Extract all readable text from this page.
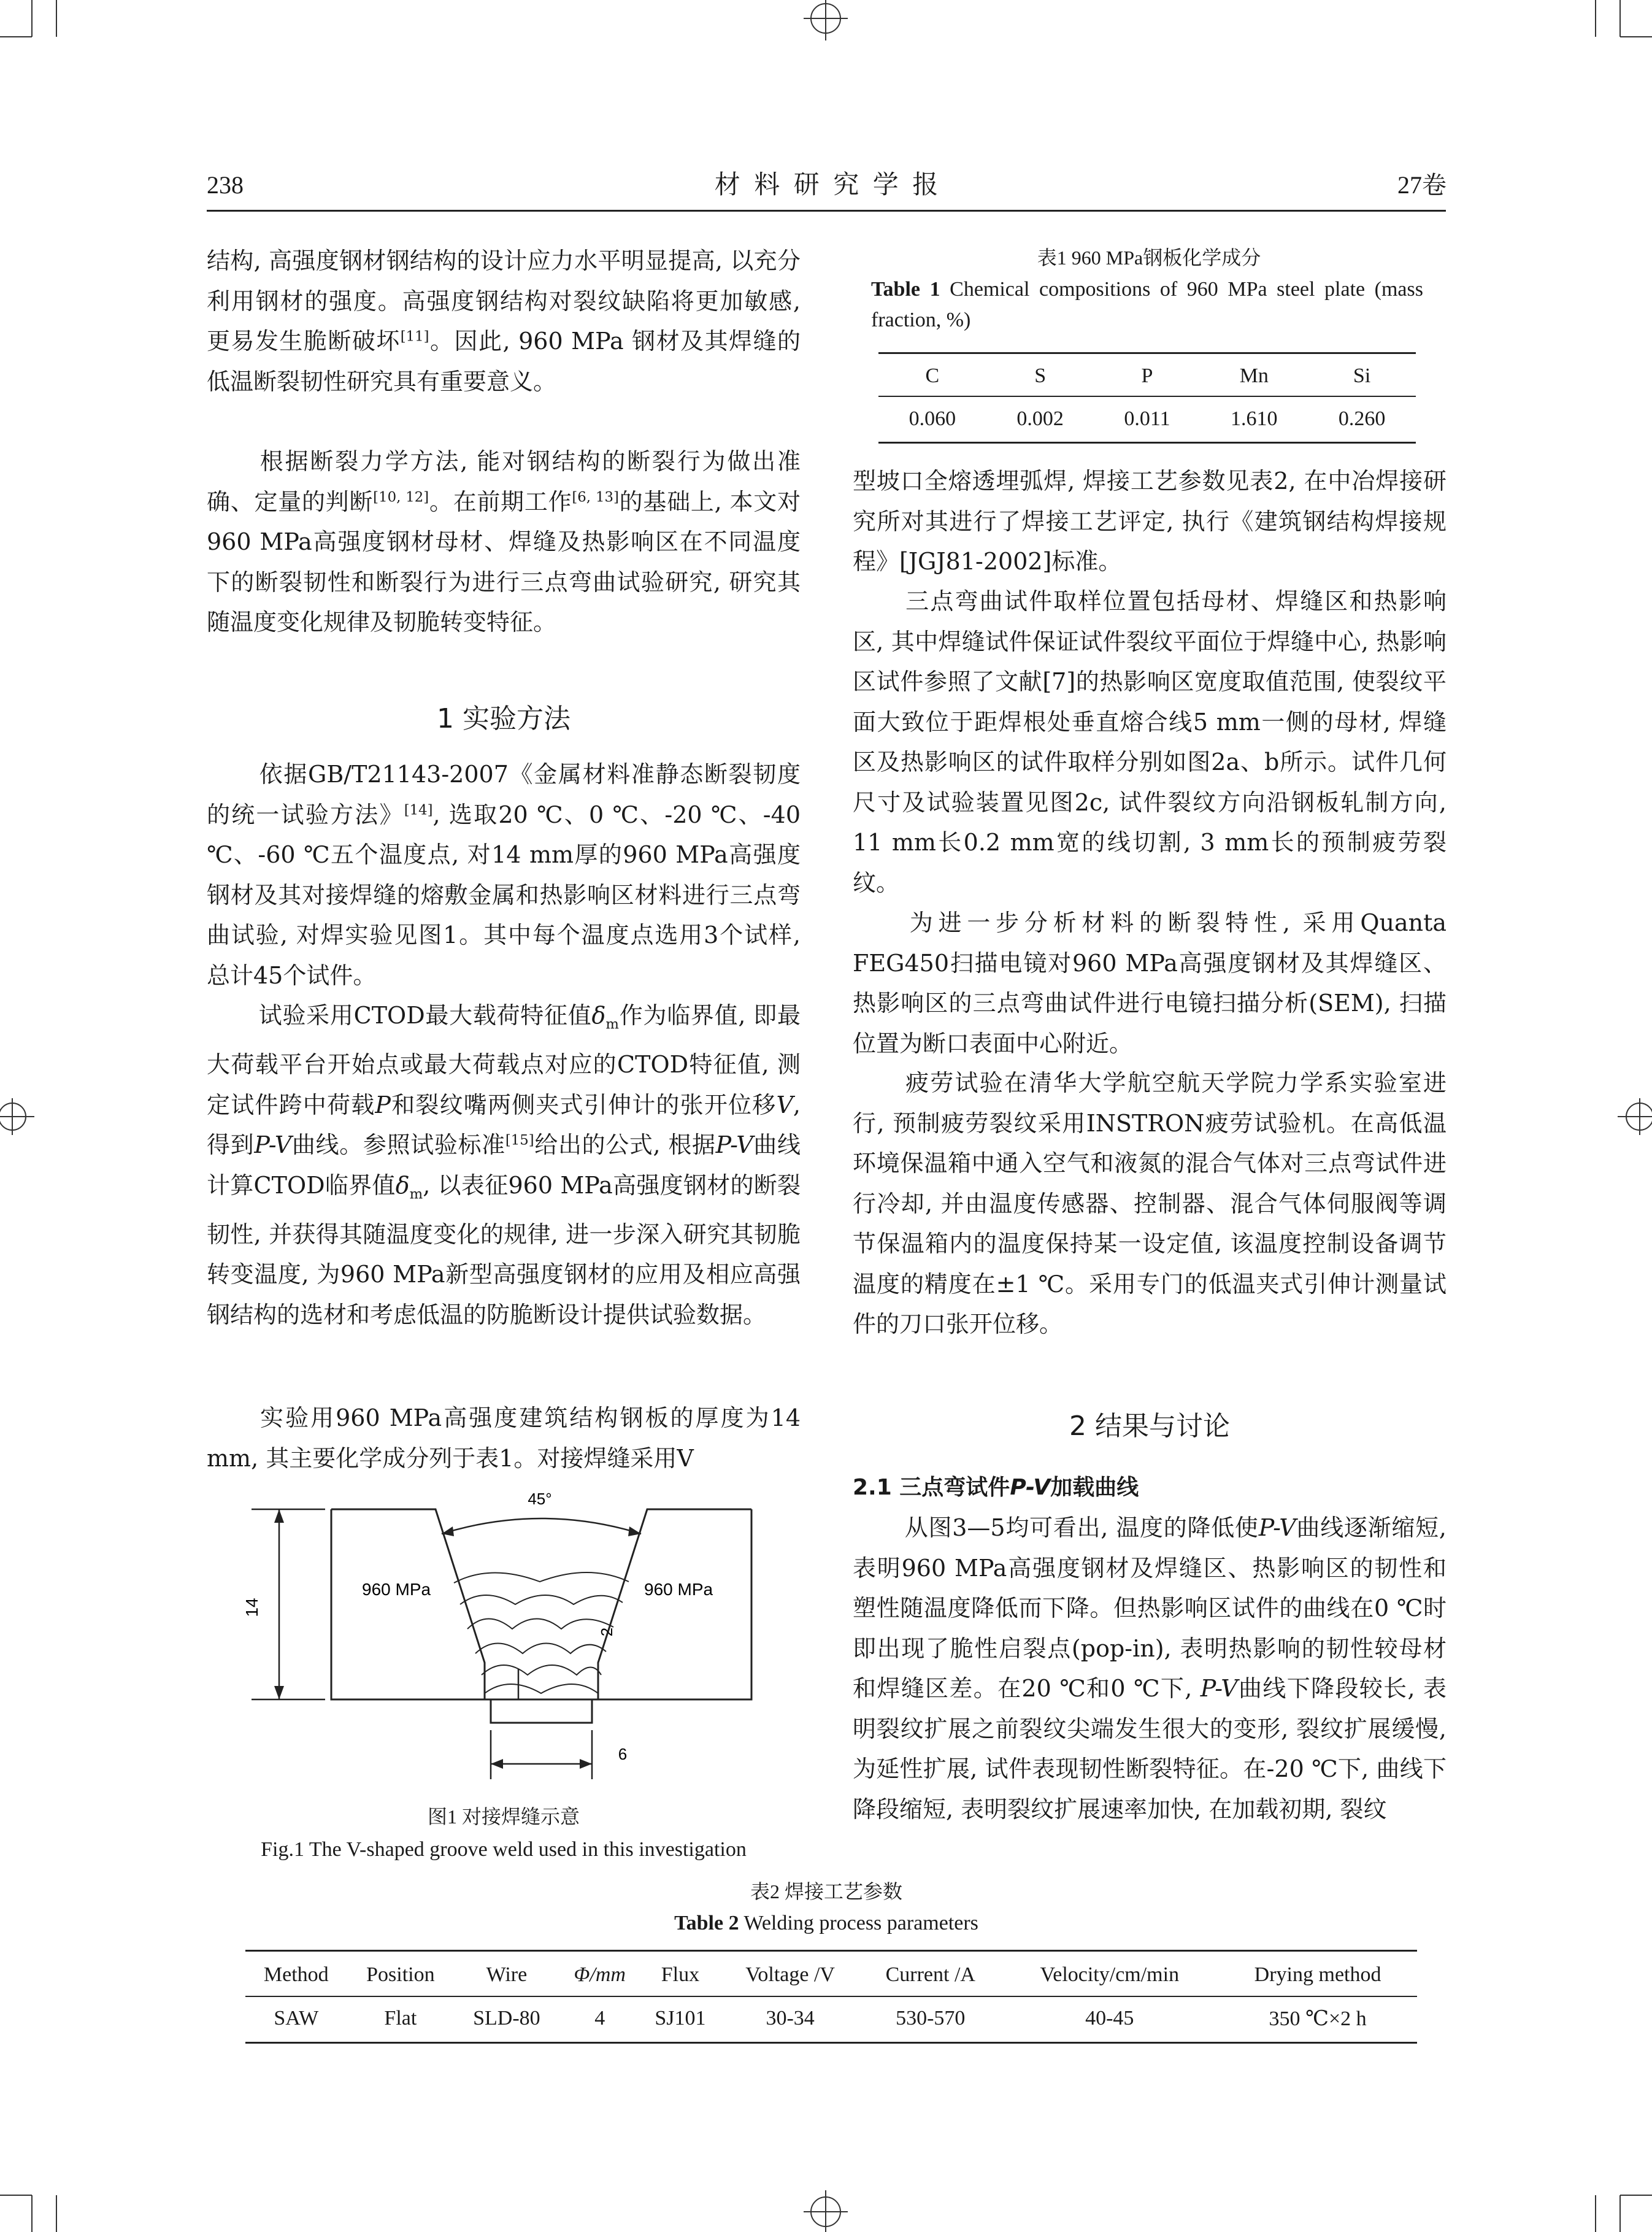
238	材 料 研 究 学 报	27卷

结构, 高强度钢材钢结构的设计应力水平明显提高, 以充分利用钢材的强度。高强度钢结构对裂纹缺陷将更加敏感, 更易发生脆断破坏[11]。因此, 960 MPa 钢材及其焊缝的低温断裂韧性研究具有重要意义。

根据断裂力学方法, 能对钢结构的断裂行为做出准确、定量的判断[10, 12]。在前期工作[6, 13]的基础上, 本文对960 MPa高强度钢材母材、焊缝及热影响区在不同温度下的断裂韧性和断裂行为进行三点弯曲试验研究, 研究其随温度变化规律及韧脆转变特征。

1 实验方法

依据GB/T21143-2007《金属材料准静态断裂韧度的统一试验方法》[14], 选取20 ℃、0 ℃、-20 ℃、-40 ℃、-60 ℃五个温度点, 对14 mm厚的960 MPa高强度钢材及其对接焊缝的熔敷金属和热影响区材料进行三点弯曲试验, 对焊实验见图1。其中每个温度点选用3个试样, 总计45个试件。

试验采用CTOD最大载荷特征值$\delta_m$作为临界值, 即最大荷载平台开始点或最大荷载点对应的CTOD特征值, 测定试件跨中荷载P和裂纹嘴两侧夹式引伸计的张开位移V, 得到P-V曲线。参照试验标准[15]给出的公式, 根据P-V曲线计算CTOD临界值$\delta_m$, 以表征960 MPa高强度钢材的断裂韧性, 并获得其随温度变化的规律, 进一步深入研究其韧脆转变温度, 为960 MPa新型高强度钢材的应用及相应高强钢结构的选材和考虑低温的防脆断设计提供试验数据。

实验用960 MPa高强度建筑结构钢板的厚度为14 mm, 其主要化学成分列于表1。对接焊缝采用V

45°
14
960 MPa	960 MPa
2
6
图1 对接焊缝示意
Fig.1 The V-shaped groove weld used in this investigation
表1 960 MPa钢板化学成分
Table 1 Chemical compositions of 960 MPa steel plate (mass fraction, %)
C	S	P	Mn	Si
0.060	0.002	0.011	1.610	0.260

型坡口全熔透埋弧焊, 焊接工艺参数见表2, 在中冶焊接研究所对其进行了焊接工艺评定, 执行《建筑钢结构焊接规程》[JGJ81-2002]标准。

三点弯曲试件取样位置包括母材、焊缝区和热影响区, 其中焊缝试件保证试件裂纹平面位于焊缝中心, 热影响区试件参照了文献[7]的热影响区宽度取值范围, 使裂纹平面大致位于距焊根处垂直熔合线5 mm一侧的母材, 焊缝区及热影响区的试件取样分别如图2a、b所示。试件几何尺寸及试验装置见图2c, 试件裂纹方向沿钢板轧制方向, 11 mm长0.2 mm宽的线切割, 3 mm长的预制疲劳裂纹。

为进一步分析材料的断裂特性, 采用Quanta FEG450扫描电镜对960 MPa高强度钢材及其焊缝区、热影响区的三点弯曲试件进行电镜扫描分析(SEM), 扫描位置为断口表面中心附近。

疲劳试验在清华大学航空航天学院力学系实验室进行, 预制疲劳裂纹采用INSTRON疲劳试验机。在高低温环境保温箱中通入空气和液氮的混合气体对三点弯试件进行冷却, 并由温度传感器、控制器、混合气体伺服阀等调节保温箱内的温度保持某一设定值, 该温度控制设备调节温度的精度在±1 ℃。采用专门的低温夹式引伸计测量试件的刀口张开位移。

2 结果与讨论
2.1 三点弯试件P-V加载曲线

从图3—5均可看出, 温度的降低使P-V曲线逐渐缩短, 表明960 MPa高强度钢材及焊缝区、热影响区的韧性和塑性随温度降低而下降。但热影响区试件的曲线在0 ℃时即出现了脆性启裂点(pop-in), 表明热影响的韧性较母材和焊缝区差。在20 ℃和0 ℃下, P-V曲线下降段较长, 表明裂纹扩展之前裂纹尖端发生很大的变形, 裂纹扩展缓慢, 为延性扩展, 试件表现韧性断裂特征。在-20 ℃下, 曲线下降段缩短, 表明裂纹扩展速率加快, 在加载初期, 裂纹

表2 焊接工艺参数
Table 2 Welding process parameters
Method	Position	Wire	Φ/mm	Flux	Voltage /V	Current /A	Velocity/cm/min	Drying method
SAW	Flat	SLD-80	4	SJ101	30-34	530-570	40-45	350 ℃×2 h
